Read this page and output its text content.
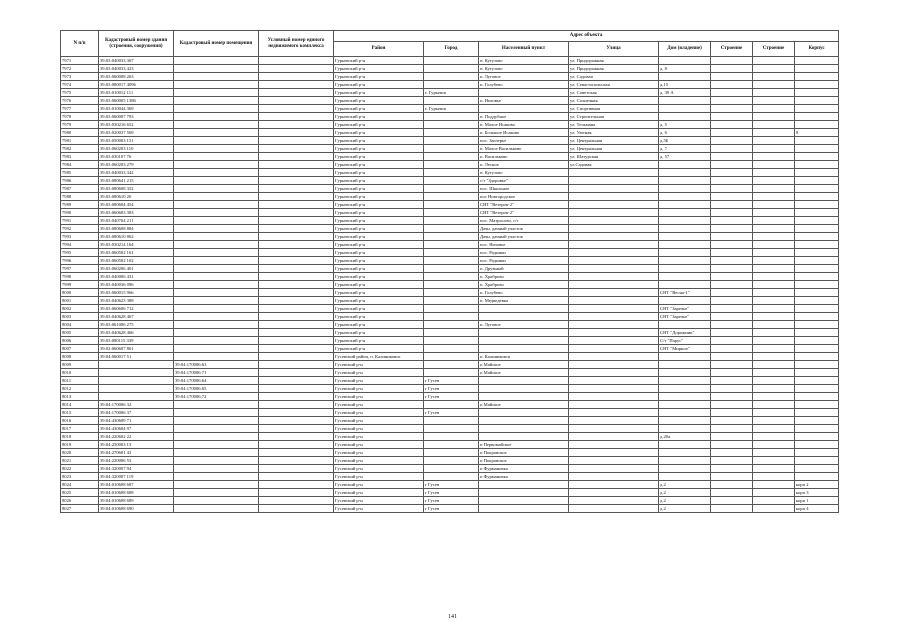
N п/п	Кадастровый номер здания (строения, сооружения)	Кадастровый номер помещения	Условный номер единого недвижимого комплекса	Адрес объекта							
				Район	Город	Населенный пункт	Улица	Дом (владение)	Строение	Строение	Корпус
7971	39:03:040033 367			Гурьевский р-н		п. Кутузово	ул. Придорожная				
7972	39:03:040033 423			Гурьевский р-н		п. Кутузово	ул. Придорожная	д. 8			
7973	39:03:060008 263			Гурьевский р-н		п. Луговое	ул. Садовая				
7974	39:03:080017 4096			Гурьевский р-н		п. Голубево	ул. Севастопольская	д.15			
7975	39:03:010012 111			Гурьевский р-н	г. Гурьевск		ул. Советская	д. 39 А			
7976	39:03:060005 1386			Гурьевский р-н		п. Низовье	ул. Солнечная				
7977	39:03:010044 369			Гурьевский р-н	г. Гурьевск		ул. Спортивная				
7978	39:03:060007 793			Гурьевский р-н		п. Поддубное	ул. Строительная				
7979	39:03:030216 652			Гурьевский р-н		п. Малое Исаково	ул. Тельмана	д. 5			
7980	39:03:020037 569			Гурьевский р-н		п. Большое Исаково	ул. Уютная	д. 6			8
7981	39:03:050003 151			Гурьевский р-н		пос. Заозерье	ул. Центральная	д.5Б			
7982	39:03:060203 110			Гурьевский р-н		п. Малое Васильково	ул. Центральная	д. 7			
7983	39:03:030107 76			Гурьевский р-н		п. Васильково	ул. Шатурская	д. 57			
7984	39:03:060203 279			Гурьевский р-н		п. Лесное	ул.Садовая				
7985	39:03:040033 342			Гурьевский р-н		п. Кутузово					
7986	39:03:080641 215			Гурьевский р-н		с/т "Здоровье"					
7987	39:03:080608 352			Гурьевский р-н		пос. Школьное					
7988	39:03:080610 20			Гурьевский р-н		пос Новгородское					
7989	39:03:080604 454			Гурьевский р-н		СНТ "Ветерок-2"					
7990	39:03:060603 383			Гурьевский р-н		СНТ "Ветерок-2"					
7991	39:03:040704 211			Гурьевский р-н		пос. Матросово, с/т					
7992	39:03:080608 884			Гурьевский р-н		Дачн. дачный участок					
7993	39:03:080610 862			Гурьевский р-н		Дачн. дачный участок					
7994	39:03:030214 164			Гурьевский р-н		пос. Низовье					
7995	39:03:060502 161			Гурьевский р-н		пос. Родники					
7996	39:03:060502 102			Гурьевский р-н		пос. Родники					
7997	39:03:060206 401			Гурьевский р-н		п. Дружный					
7998	39:03:040006 431			Гурьевский р-н		п. Храброво					
7999	39:03:040036 096			Гурьевский р-н		п. Храброво					
8000	39:03:060015 966			Гурьевский р-н		п. Голубево		СНТ "Весна-1"			
8001	39:03:040623 388			Гурьевский р-н		п. Медведевка					
8002	39:03:060606 712			Гурьевский р-н				СНТ "Заречье"			
8003	39:03:040628 467			Гурьевский р-н				СНТ "Заречье"			
8004	39:03:061006 275			Гурьевский р-н		п. Луговое					
8005	39:03:040628 466			Гурьевский р-н				СНТ "Дорожник"			
8006	39:03:080115 339			Гурьевский р-н				С/т "Парус"			
8007	39:02:060607 861			Гурьевский р-н				СНТ "Мирное"			
8008	39:04:060017 51			Гусевский район, п. Калиниковск		п. Калиниковск					
8009		39:04:170006:63		Гусевский р-н		п Майское					
8010		39:04:170006:71		Гусевский р-н		п Майское					
8011		39:04:170006:64		Гусевский р-н	г Гусев						
8012		39:04:170006:65		Гусевский р-н	г Гусев						
8013		39:04:170006:72		Гусевский р-н	г Гусев						
8014	39:04:170006 32			Гусевский р-н		п Майское					
8015	39:04:170006 37			Гусевский р-н	г Гусев						
8016	39:04:430609 71			Гусевский р-н							
8017	39:04:430604 97			Гусевский р-н							
8018	39:04:220602 22			Гусевский р-н				д.20а			
8019	39:04:250003 13			Гусевский р-н		п Первомайское					
8020	39:04:270601 43			Гусевский р-н		п Покровское					
8021	39:04:220006 53			Гусевский р-н		п Покровское					
8022	39:04:320007 94			Гусевский р-н		п Фурмановка					
8023	39:04:320007 119			Гусевский р-н		п Фурмановка					
8024	39:04:010608 687			Гусевский р-н	г Гусев			д.2			корп 2
8025	39:04:010608 688			Гусевский р-н	г Гусев			д.2			корп 3
8026	39:04:010608 689			Гусевский р-н	г Гусев			д.2			корп 1
8027	39:04:010608 690			Гусевский р-н	г Гусев			д.2			корп 4
141
